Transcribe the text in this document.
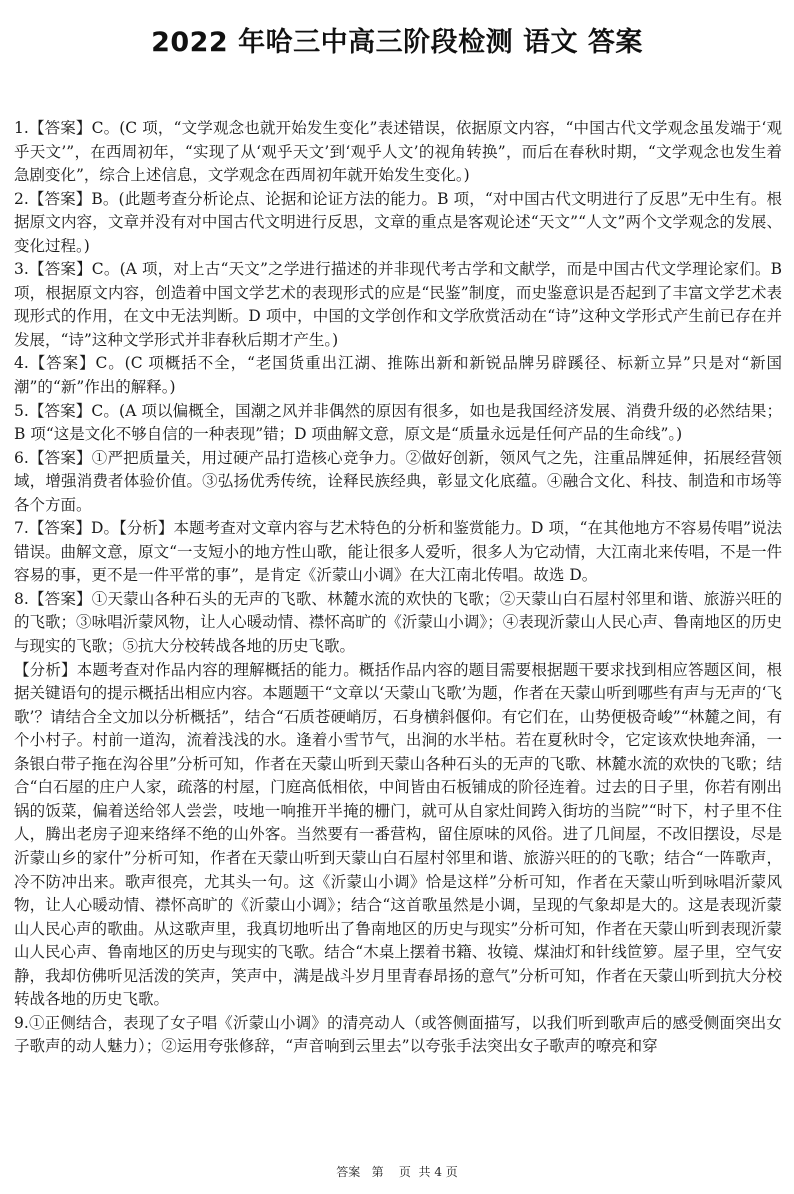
2022 年哈三中高三阶段检测 语文 答案

1.【答案】C。(C 项，“文学观念也就开始发生变化”表述错误，依据原文内容，“中国古代文学观念虽发端于‘观乎天文’”，在西周初年，“实现了从‘观乎天文’到‘观乎人文’的视角转换”，而后在春秋时期，“文学观念也发生着急剧变化”，综合上述信息，文学观念在西周初年就开始发生变化。)

2.【答案】B。(此题考查分析论点、论据和论证方法的能力。B 项，“对中国古代文明进行了反思”无中生有。根据原文内容，文章并没有对中国古代文明进行反思，文章的重点是客观论述“天文”“人文”两个文学观念的发展、变化过程。)

3.【答案】C。(A 项，对上古“天文”之学进行描述的并非现代考古学和文献学，而是中国古代文学理论家们。B 项，根据原文内容，创造着中国文学艺术的表现形式的应是“民鉴”制度，而史鉴意识是否起到了丰富文学艺术表现形式的作用，在文中无法判断。D 项中，中国的文学创作和文学欣赏活动在“诗”这种文学形式产生前已存在并发展，“诗”这种文学形式并非春秋后期才产生。)

4.【答案】C。(C 项概括不全，“老国货重出江湖、推陈出新和新锐品牌另辟蹊径、标新立异”只是对“新国潮”的“新”作出的解释。)

5.【答案】C。(A 项以偏概全，国潮之风并非偶然的原因有很多，如也是我国经济发展、消费升级的必然结果；B 项“这是文化不够自信的一种表现”错；D 项曲解文意，原文是“质量永远是任何产品的生命线”。)

6.【答案】①严把质量关，用过硬产品打造核心竞争力。②做好创新，领风气之先，注重品牌延伸，拓展经营领域，增强消费者体验价值。③弘扬优秀传统，诠释民族经典，彰显文化底蕴。④融合文化、科技、制造和市场等各个方面。

7.【答案】D。【分析】本题考查对文章内容与艺术特色的分析和鉴赏能力。D 项，“在其他地方不容易传唱”说法错误。曲解文意，原文“一支短小的地方性山歌，能让很多人爱听，很多人为它动情，大江南北来传唱，不是一件容易的事，更不是一件平常的事”，是肯定《沂蒙山小调》在大江南北传唱。故选 D。

8.【答案】①天蒙山各种石头的无声的飞歌、林麓水流的欢快的飞歌；②天蒙山白石屋村邻里和谐、旅游兴旺的的飞歌；③咏唱沂蒙风物，让人心暖动情、襟怀高旷的《沂蒙山小调》；④表现沂蒙山人民心声、鲁南地区的历史与现实的飞歌；⑤抗大分校转战各地的历史飞歌。

【分析】本题考查对作品内容的理解概括的能力。概括作品内容的题目需要根据题干要求找到相应答题区间，根据关键语句的提示概括出相应内容。本题题干“文章以‘天蒙山飞歌’为题，作者在天蒙山听到哪些有声与无声的‘飞歌’？请结合全文加以分析概括”，结合“石质苍硬峭厉，石身横斜偃仰。有它们在，山势便极奇峻”“林麓之间，有个小村子。村前一道沟，流着浅浅的水。逢着小雪节气，出涧的水半枯。若在夏秋时令，它定该欢快地奔涌，一条银白带子拖在沟谷里”分析可知，作者在天蒙山听到天蒙山各种石头的无声的飞歌、林麓水流的欢快的飞歌；结合“白石屋的庄户人家，疏落的村屋，门庭高低相依，中间皆由石板铺成的阶径连着。过去的日子里，你若有刚出锅的饭菜，偏着送给邻人尝尝，吱地一响推开半掩的栅门，就可从自家灶间跨入街坊的当院”“时下，村子里不住人，腾出老房子迎来络绎不绝的山外客。当然要有一番营构，留住原味的风俗。进了几间屋，不改旧摆设，尽是沂蒙山乡的家什”分析可知，作者在天蒙山听到天蒙山白石屋村邻里和谐、旅游兴旺的的飞歌；结合“一阵歌声，冷不防冲出来。歌声很亮，尤其头一句。这《沂蒙山小调》恰是这样”分析可知，作者在天蒙山听到咏唱沂蒙风物，让人心暖动情、襟怀高旷的《沂蒙山小调》；结合“这首歌虽然是小调，呈现的气象却是大的。这是表现沂蒙山人民心声的歌曲。从这歌声里，我真切地听出了鲁南地区的历史与现实”分析可知，作者在天蒙山听到表现沂蒙山人民心声、鲁南地区的历史与现实的飞歌。结合“木桌上摆着书籍、妆镜、煤油灯和针线笸箩。屋子里，空气安静，我却仿佛听见活泼的笑声，笑声中，满是战斗岁月里青春昂扬的意气”分析可知，作者在天蒙山听到抗大分校转战各地的历史飞歌。

9.①正侧结合，表现了女子唱《沂蒙山小调》的清亮动人（或答侧面描写，以我们听到歌声后的感受侧面突出女子歌声的动人魅力）；②运用夸张修辞，“声音响到云里去”以夸张手法突出女子歌声的嘹亮和穿

答案   第    页  共 4 页
